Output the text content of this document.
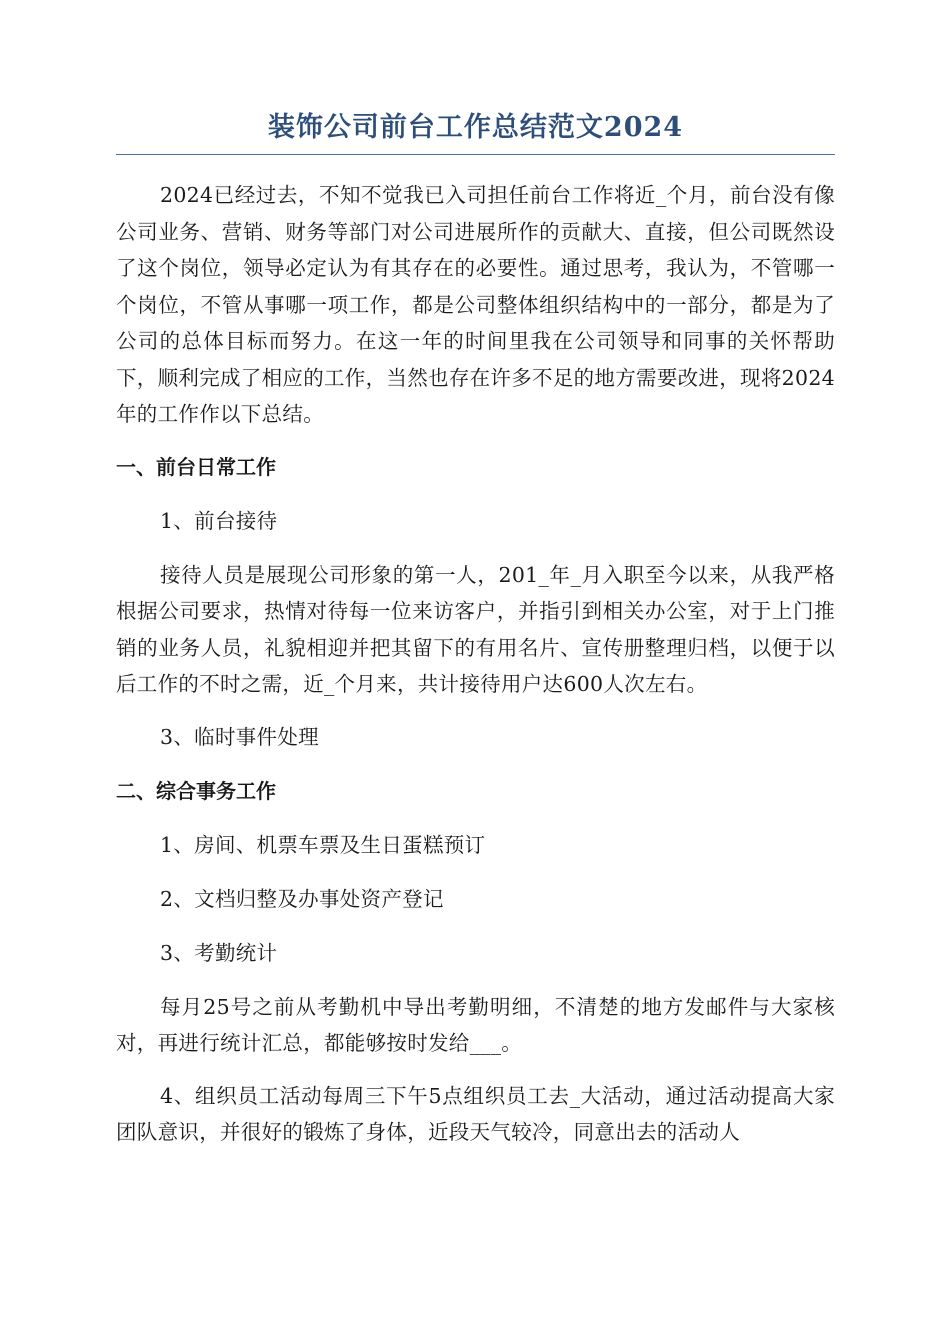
装饰公司前台工作总结范文2024

2024已经过去，不知不觉我已入司担任前台工作将近_个月，前台没有像公司业务、营销、财务等部门对公司进展所作的贡献大、直接，但公司既然设了这个岗位，领导必定认为有其存在的必要性。通过思考，我认为，不管哪一个岗位，不管从事哪一项工作，都是公司整体组织结构中的一部分，都是为了公司的总体目标而努力。在这一年的时间里我在公司领导和同事的关怀帮助下，顺利完成了相应的工作，当然也存在许多不足的地方需要改进，现将2024年的工作作以下总结。

一、前台日常工作
1、前台接待

接待人员是展现公司形象的第一人，201_年_月入职至今以来，从我严格根据公司要求，热情对待每一位来访客户，并指引到相关办公室，对于上门推销的业务人员，礼貌相迎并把其留下的有用名片、宣传册整理归档，以便于以后工作的不时之需，近_个月来，共计接待用户达600人次左右。

3、临时事件处理
二、综合事务工作
1、房间、机票车票及生日蛋糕预订
2、文档归整及办事处资产登记
3、考勤统计

每月25号之前从考勤机中导出考勤明细，不清楚的地方发邮件与大家核对，再进行统计汇总，都能够按时发给___。

4、组织员工活动每周三下午5点组织员工去_大活动，通过活动提高大家团队意识，并很好的锻炼了身体，近段天气较冷，同意出去的活动人
